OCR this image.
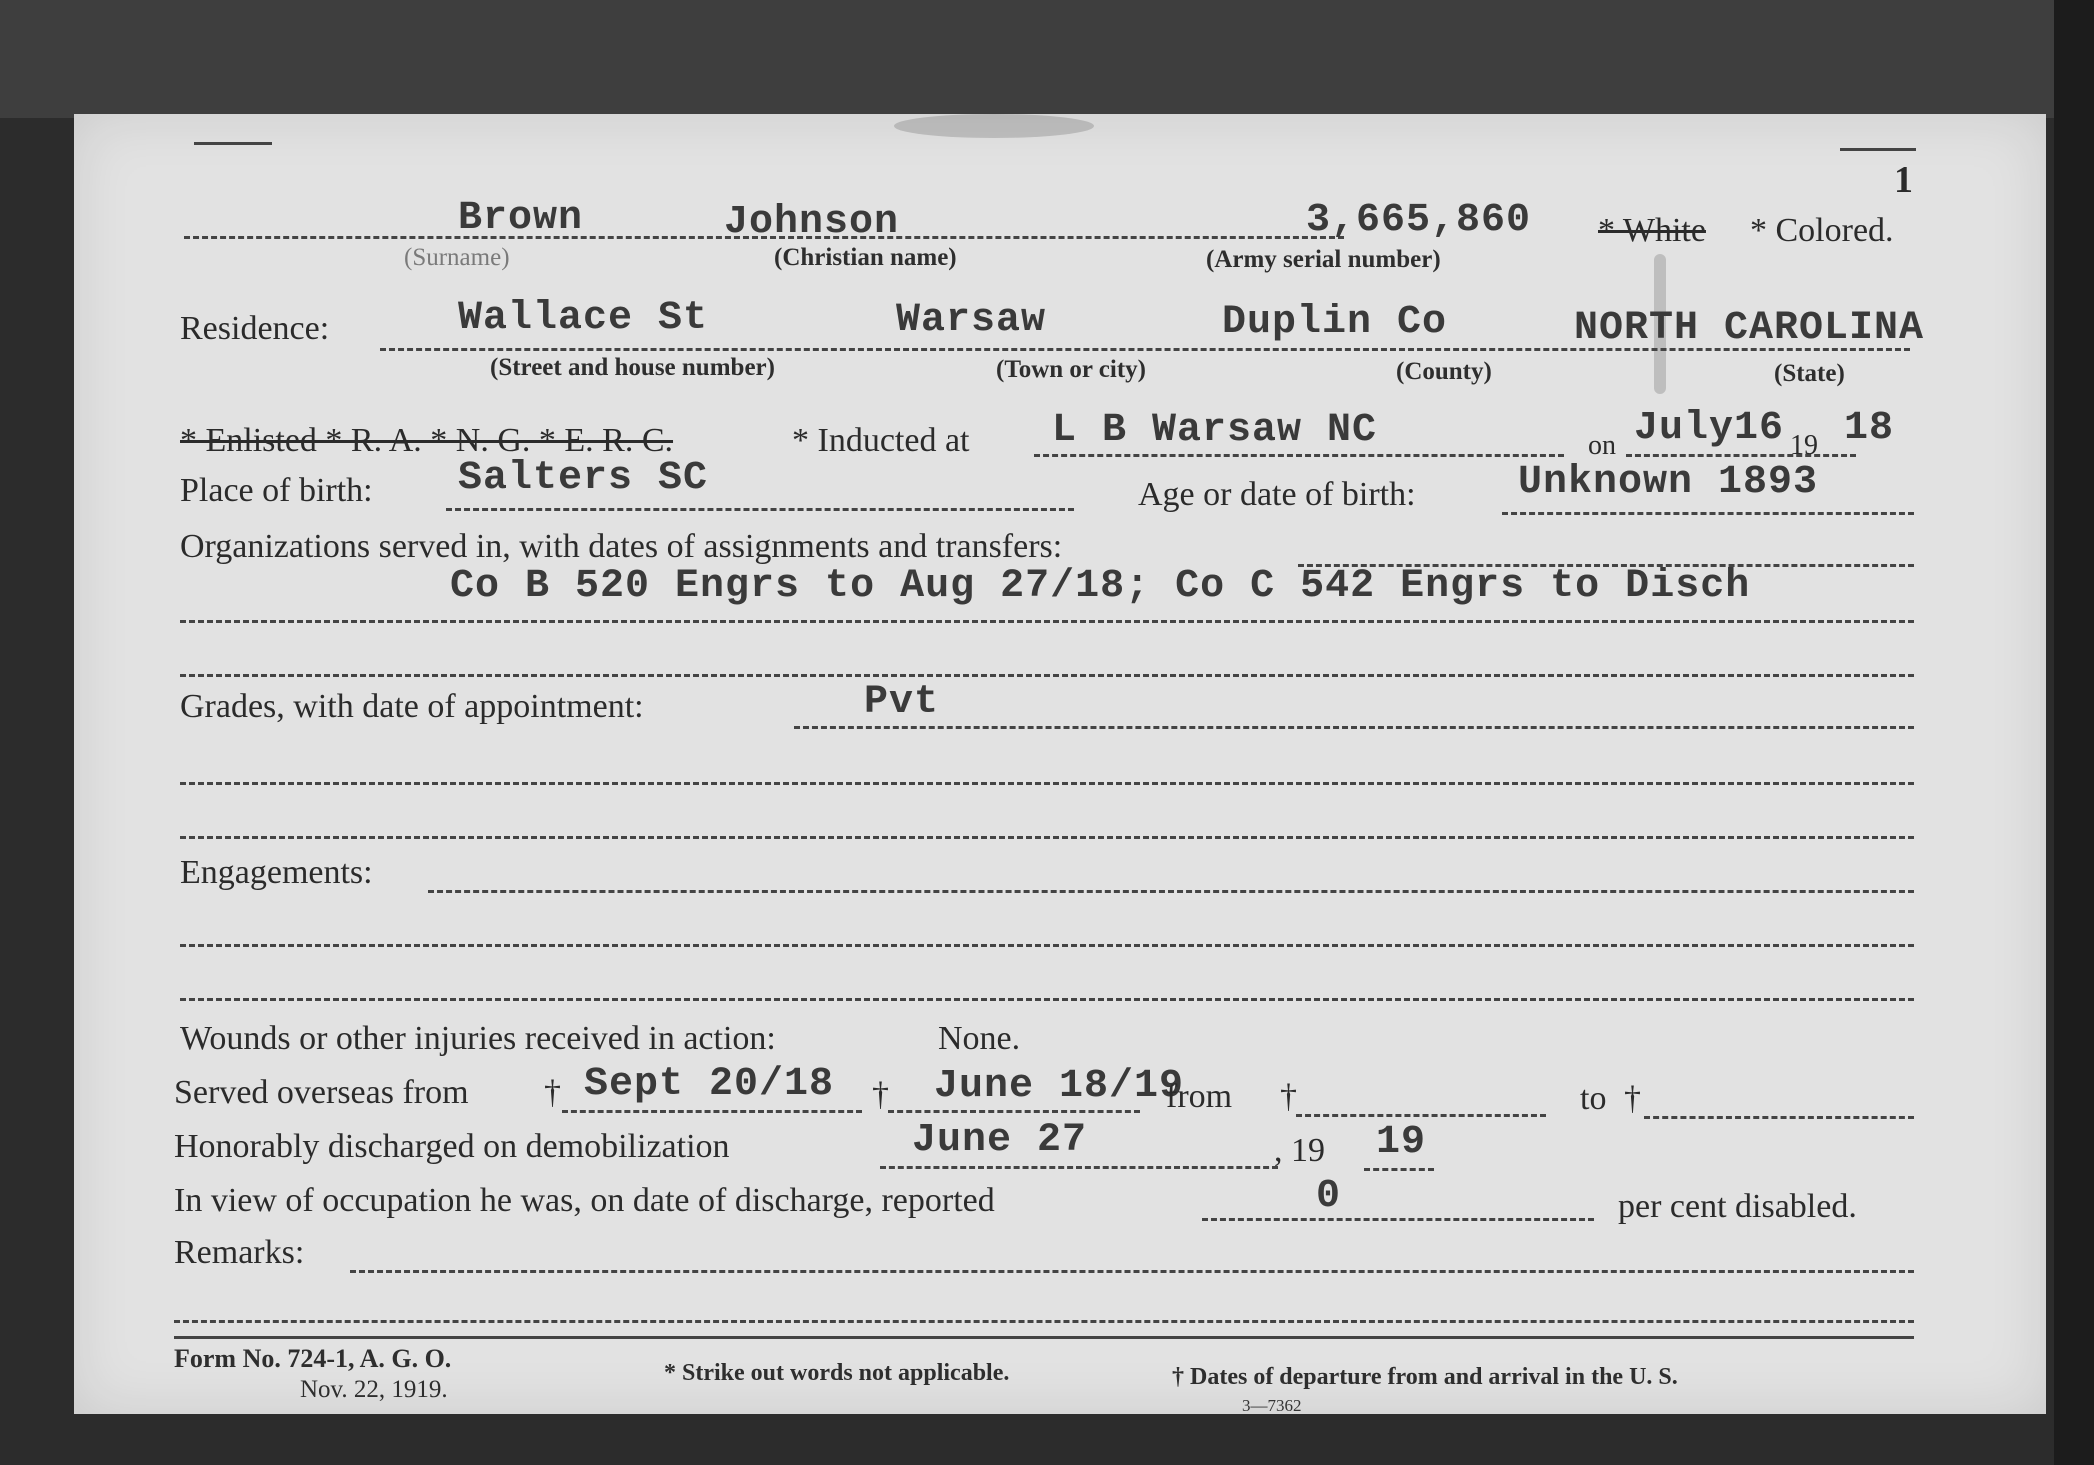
1
Brown	Johnson	3,665,860 * White * Colored.
(Surname)	(Christian name)	(Army serial number)
Residence:	Wallace St	Warsaw	Duplin Co	NORTH CAROLINA
(Street and house number)	(Town or city)	(County)	(State)
* Enlisted * R. A. * N. G. * E. R. C.	* Inducted at L B Warsaw NC	on July16 19 18
Place of birth: Salters SC	Age or date of birth:	Unknown 1893
Organizations served in, with dates of assignments and transfers:
Co B 520 Engrs to Aug 27/18; Co C 542 Engrs to Disch
Grades, with date of appointment:	Pvt
Engagements:
Wounds or other injuries received in action:	None.
Served overseas from † Sept 20/18 † June 18/19
from †	to †
Honorably discharged on demobilization	June 27	, 19 19
In view of occupation he was, on date of discharge, reported	0	per cent disabled.
Remarks:
Form No. 724-1, A. G. O.
Nov. 22, 1919.
* Strike out words not applicable.	† Dates of departure from and arrival in the U. S.
3—7362
